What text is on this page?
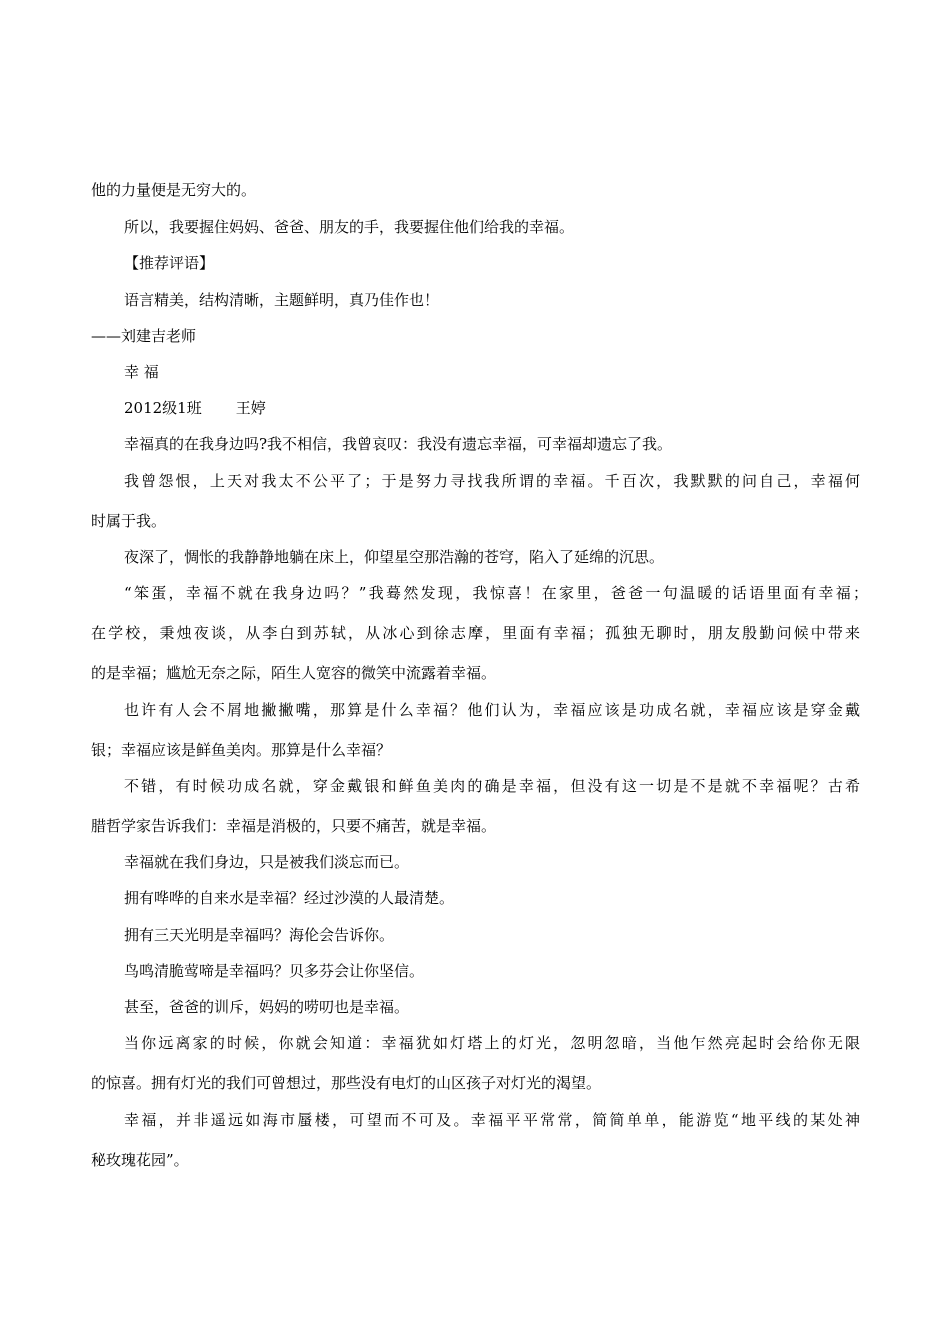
他的力量便是无穷大的。

所以，我要握住妈妈、爸爸、朋友的手，我要握住他们给我的幸福。

【推荐评语】

语言精美，结构清晰，主题鲜明，真乃佳作也！

——刘建吉老师

幸 福

2012级1班 王婷

幸福真的在我身边吗?我不相信，我曾哀叹：我没有遗忘幸福，可幸福却遗忘了我。

我曾怨恨，上天对我太不公平了；于是努力寻找我所谓的幸福。千百次，我默默的问自己，幸福何

时属于我。

夜深了，惆怅的我静静地躺在床上，仰望星空那浩瀚的苍穹，陷入了延绵的沉思。

“笨蛋，幸福不就在我身边吗？”我蓦然发现，我惊喜！在家里，爸爸一句温暖的话语里面有幸福；

在学校，秉烛夜谈，从李白到苏轼，从冰心到徐志摩，里面有幸福；孤独无聊时，朋友殷勤问候中带来

的是幸福；尴尬无奈之际，陌生人宽容的微笑中流露着幸福。

也许有人会不屑地撇撇嘴，那算是什么幸福？他们认为，幸福应该是功成名就，幸福应该是穿金戴

银；幸福应该是鲜鱼美肉。那算是什么幸福？

不错，有时候功成名就，穿金戴银和鲜鱼美肉的确是幸福，但没有这一切是不是就不幸福呢？古希

腊哲学家告诉我们：幸福是消极的，只要不痛苦，就是幸福。

幸福就在我们身边，只是被我们淡忘而已。

拥有哗哗的自来水是幸福？经过沙漠的人最清楚。

拥有三天光明是幸福吗？海伦会告诉你。

鸟鸣清脆莺啼是幸福吗？贝多芬会让你坚信。

甚至，爸爸的训斥，妈妈的唠叨也是幸福。

当你远离家的时候，你就会知道：幸福犹如灯塔上的灯光，忽明忽暗，当他乍然亮起时会给你无限

的惊喜。拥有灯光的我们可曾想过，那些没有电灯的山区孩子对灯光的渴望。

幸福，并非遥远如海市蜃楼，可望而不可及。幸福平平常常，简简单单，能游览“地平线的某处神

秘玫瑰花园”。
